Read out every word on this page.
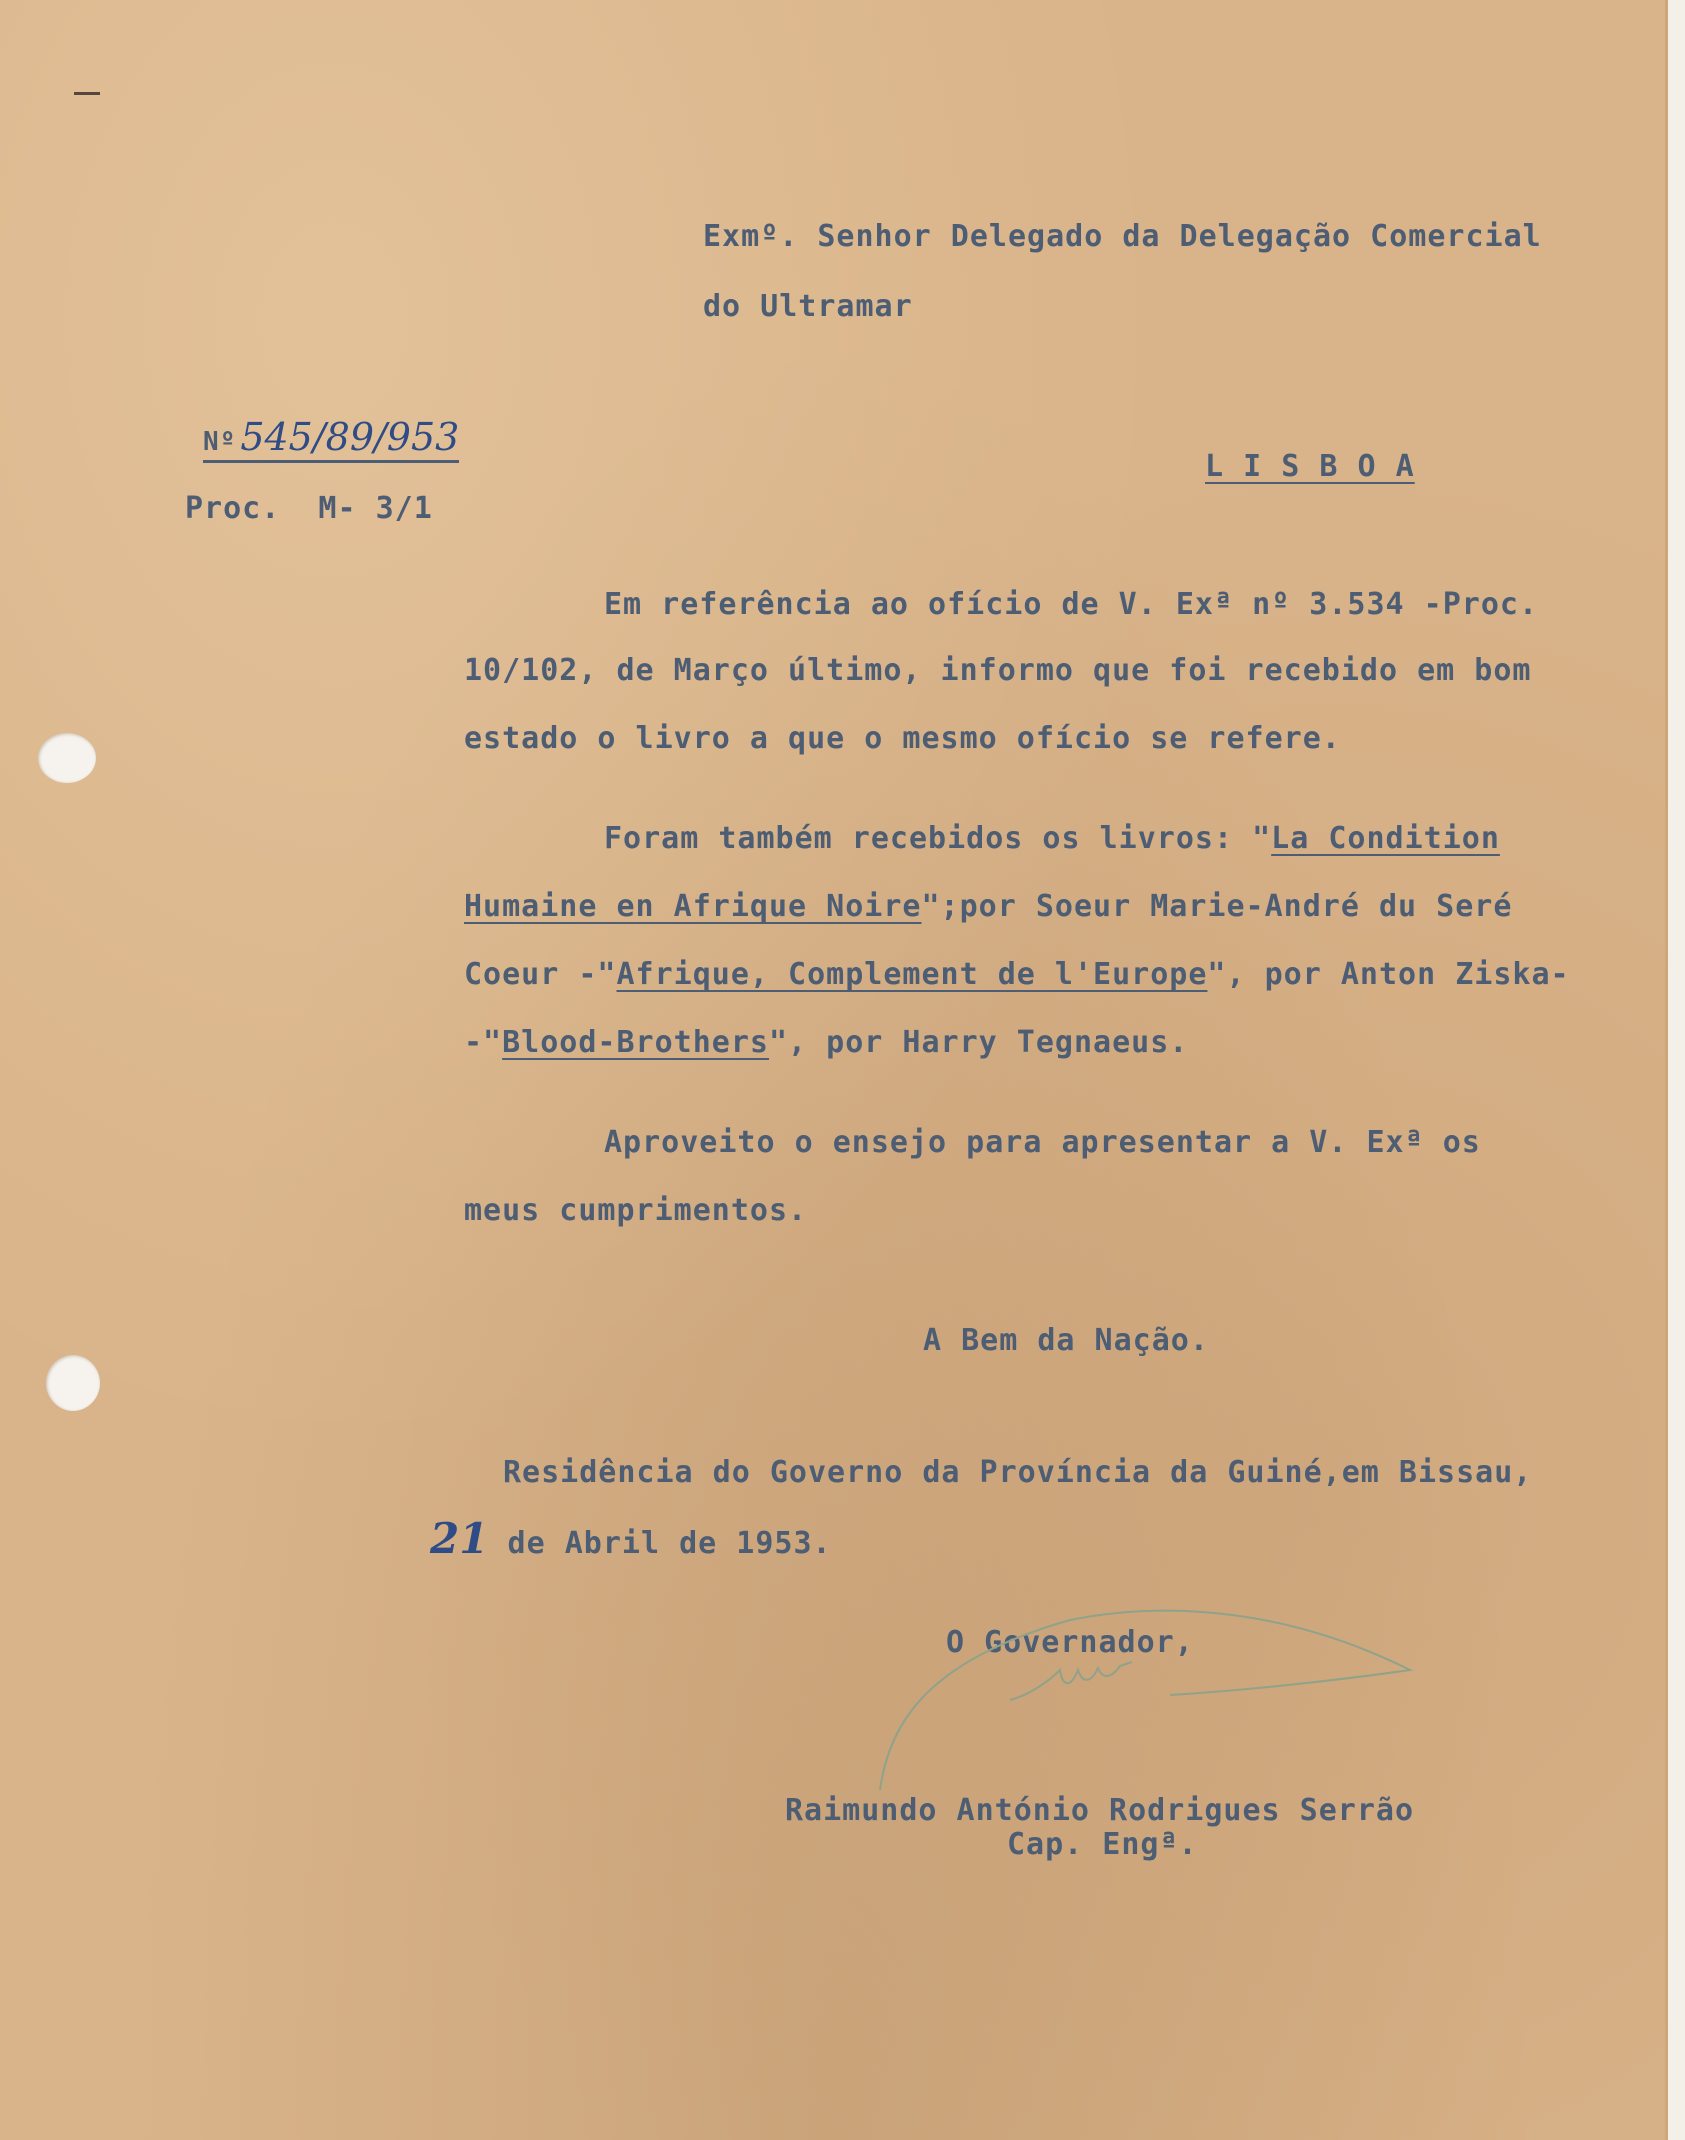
Exmº. Senhor Delegado da Delegação Comercial
do Ultramar
Nº 545/89/953
Proc.  M- 3/1
L I S B O A
Em referência ao ofício de V. Exª nº 3.534 -Proc.
10/102, de Março último, informo que foi recebido em bom
estado o livro a que o mesmo ofício se refere.
Foram também recebidos os livros: "La Condition
Humaine en Afrique Noire";por Soeur Marie-André du Seré
Coeur -"Afrique, Complement de l'Europe", por Anton Ziska-
-"Blood-Brothers", por Harry Tegnaeus.
Aproveito o ensejo para apresentar a V. Exª os
meus cumprimentos.
A Bem da Nação.
Residência do Governo da Província da Guiné,em Bissau,
21 de Abril de 1953.
O Governador,
Raimundo António Rodrigues Serrão
Cap. Engª.
